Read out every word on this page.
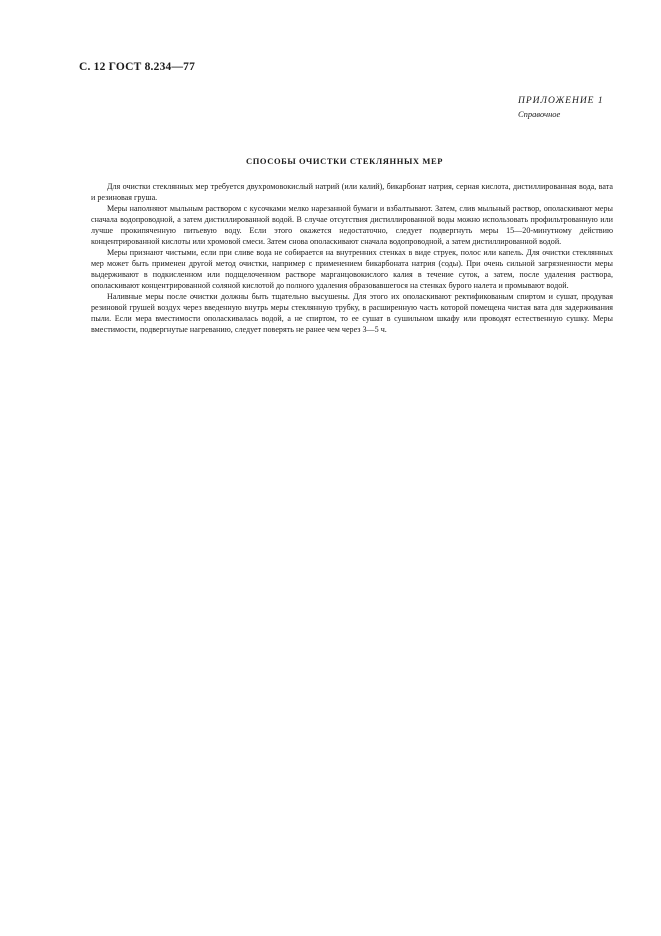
С. 12 ГОСТ 8.234—77
ПРИЛОЖЕНИЕ 1
Справочное
СПОСОБЫ ОЧИСТКИ СТЕКЛЯННЫХ МЕР

Для очистки стеклянных мер требуется двухромовокислый натрий (или калий), бикарбонат натрия, серная кислота, дистиллированная вода, вата и резиновая груша.

Меры наполняют мыльным раствором с кусочками мелко нарезанной бумаги и взбалтывают. Затем, слив мыльный раствор, ополаскивают меры сначала водопроводной, а затем дистиллированной водой. В случае отсутствия дистиллированной воды можно использовать профильтрованную или лучше прокипяченную питьевую воду. Если этого окажется недостаточно, следует подвергнуть меры 15—20-минутному действию концентрированной кислоты или хромовой смеси. Затем снова ополаскивают сначала водопроводной, а затем дистиллированной водой.

Меры признают чистыми, если при сливе вода не собирается на внутренних стенках в виде струек, полос или капель. Для очистки стеклянных мер может быть применен другой метод очистки, например с применением бикарбоната натрия (соды). При очень сильной загрязненности меры выдерживают в подкисленном или подщелоченном растворе марганцовокислого калия в течение суток, а затем, после удаления раствора, ополаскивают концентрированной соляной кислотой до полного удаления образовавшегося на стенках бурого налета и промывают водой.

Наливные меры после очистки должны быть тщательно высушены. Для этого их ополаскивают ректификованым спиртом и сушат, продувая резиновой грушей воздух через введенную внутрь меры стеклянную трубку, в расширенную часть которой помещена чистая вата для задерживания пыли. Если мера вместимости ополаскивалась водой, а не спиртом, то ее сушат в сушильном шкафу или проводят естественную сушку. Меры вместимости, подвергнутые нагреванию, следует поверять не ранее чем через 3—5 ч.
